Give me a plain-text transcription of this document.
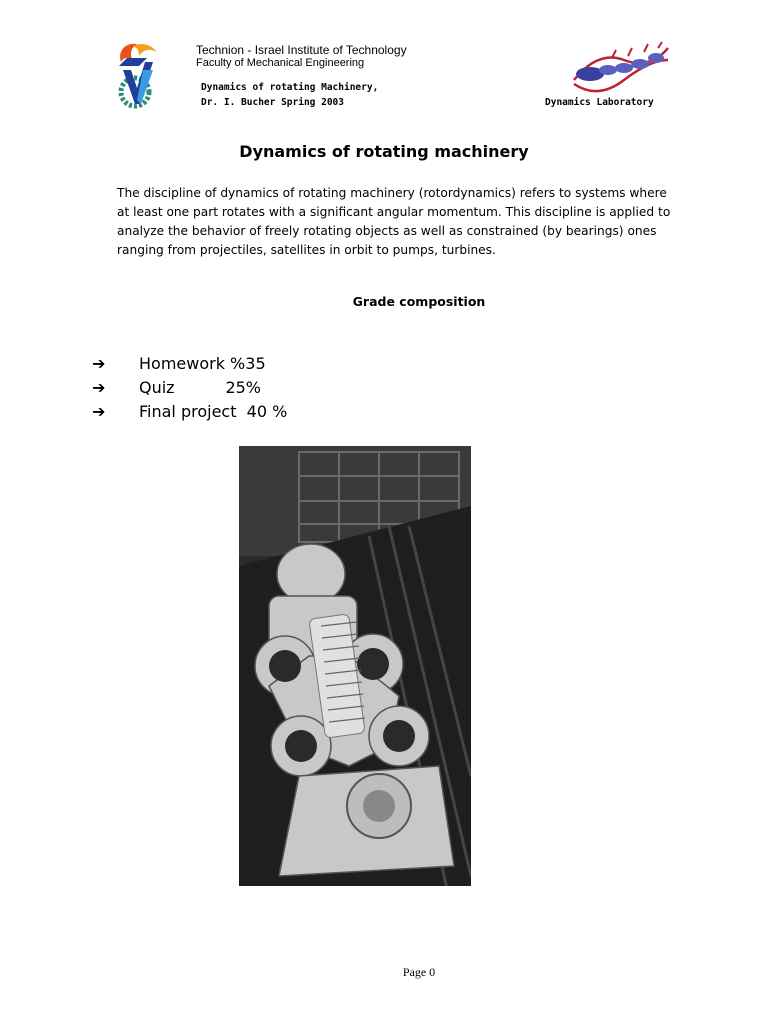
Technion - Israel Institute of Technology
Faculty of Mechanical Engineering
Dynamics of rotating Machinery,
Dr. I. Bucher Spring 2003	Dynamics Laboratory
Dynamics of rotating machinery
The discipline of dynamics of rotating machinery (rotordynamics) refers to systems where
at least one part rotates with a significant angular momentum. This discipline is applied to
analyze the behavior of freely rotating objects as well as constrained (by bearings) ones
ranging from projectiles, satellites in orbit to pumps, turbines.
Grade composition
➔ Homework %35
➔ Quiz          25%
➔ Final project  40 %
Page 0
